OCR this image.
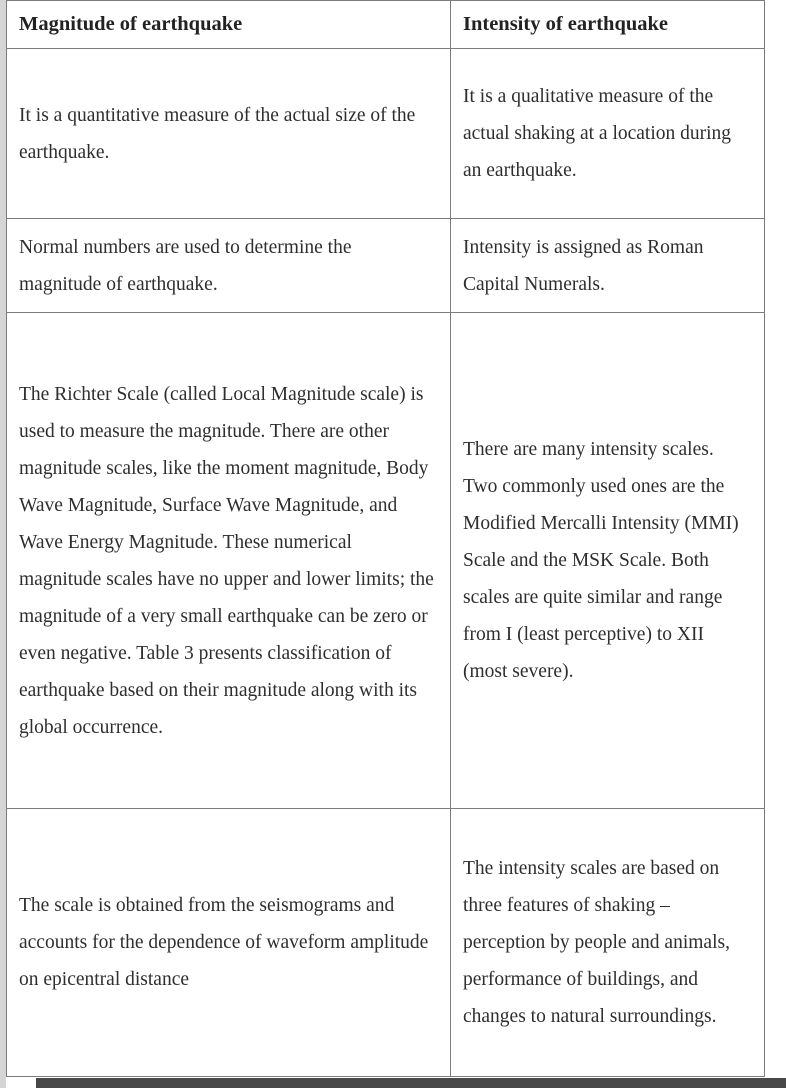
Magnitude of earthquake	Intensity of earthquake
It is a quantitative measure of the actual size of the earthquake.	It is a qualitative measure of the actual shaking at a location during an earthquake.
Normal numbers are used to determine the magnitude of earthquake.	Intensity is assigned as Roman Capital Numerals.
The Richter Scale (called Local Magnitude scale) is used to measure the magnitude. There are other magnitude scales, like the moment magnitude, Body Wave Magnitude, Surface Wave Magnitude, and Wave Energy Magnitude. These numerical magnitude scales have no upper and lower limits; the magnitude of a very small earthquake can be zero or even negative. Table 3 presents classification of earthquake based on their magnitude along with its global occurrence.	There are many intensity scales. Two commonly used ones are the Modified Mercalli Intensity (MMI) Scale and the MSK Scale. Both scales are quite similar and range from I (least perceptive) to XII (most severe).
The scale is obtained from the seismograms and accounts for the dependence of waveform amplitude on epicentral distance	The intensity scales are based on three features of shaking – perception by people and animals, performance of buildings, and changes to natural surroundings.
